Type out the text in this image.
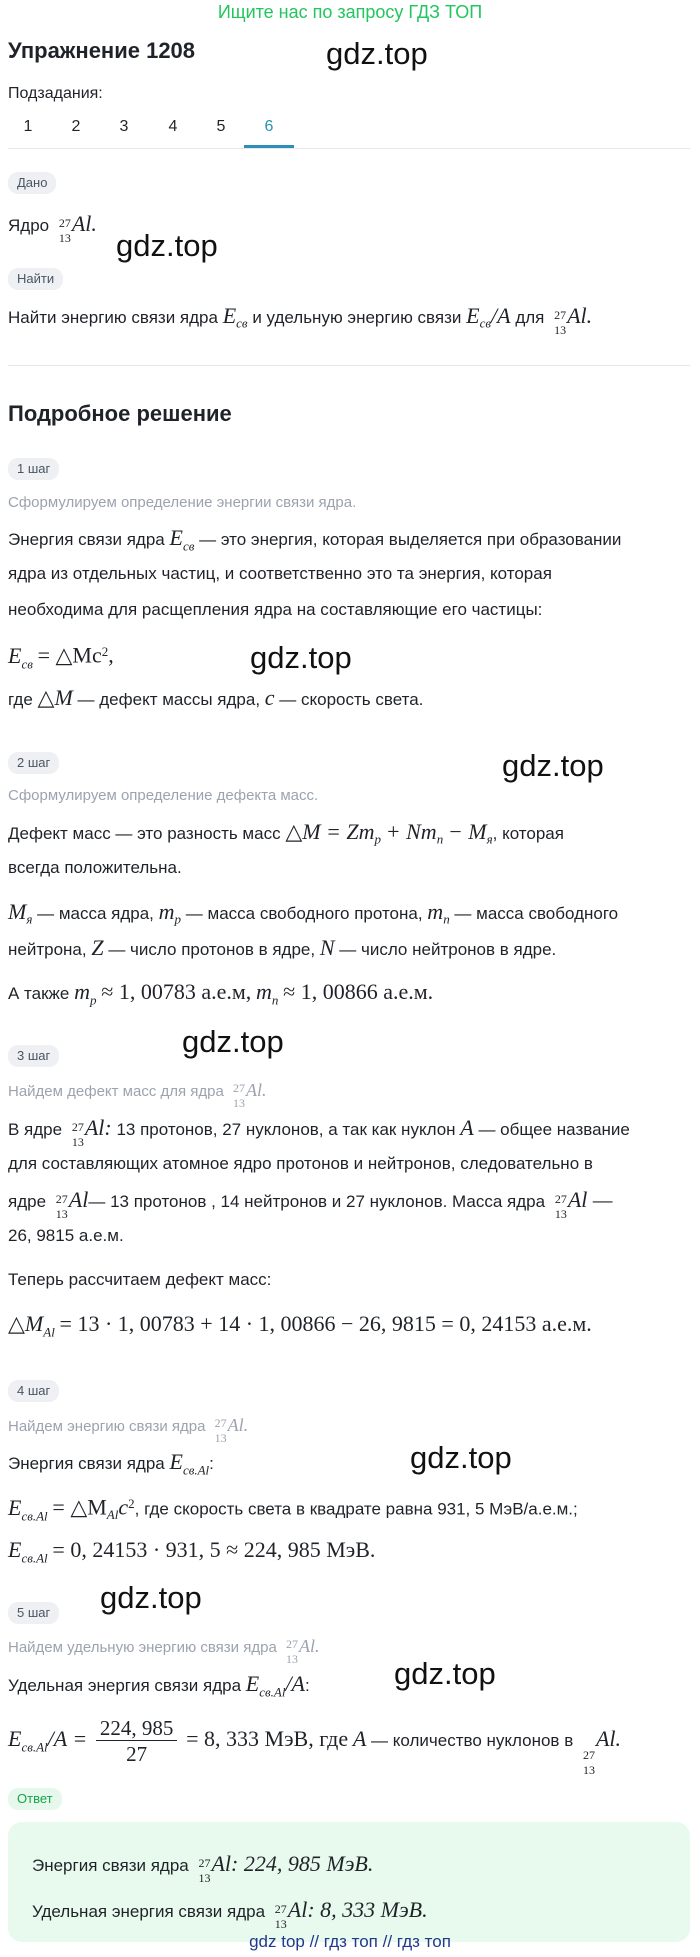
Ищите нас по запросу ГДЗ ТОП
Упражнение 1208
Подзадания:
1	2	3	4	5	6
gdz.top
gdz.top
gdz.top
gdz.top
gdz.top
gdz.top
gdz.top
gdz.top
Дано
Ядро 27
13
Al.
Найти
Найти энергию связи ядра $E_{св}$ и удельную энергию связи $E_{св}/A$ для 27
13
Al.
Подробное решение
1 шаг
Сформулируем определение энергии связи ядра.
Энергия связи ядра $E_{св}$ — это энергия, которая выделяется при образовании
ядра из отдельных частиц, и соответственно это та энергия, которая
необходима для расщепления ядра на составляющие его частицы:
$E_{св}$ = $\triangle Mc^2$,
где △M — дефект массы ядра, c — скорость света.
2 шаг
Сформулируем определение дефекта масс.
Дефект масс — это разность масс △M = $Zm_p + Nm_n - M_я$, которая
всегда положительна.
$M_я$ — масса ядра, $m_p$ — масса свободного протона, $m_n$ — масса свободного
нейтрона, Z — число протонов в ядре, N — число нейтронов в ядре.
А также $m_p \approx 1$, 00783 а.е.м, $m_n \approx 1$, 00866 а.е.м.
3 шаг
Найдем дефект масс для ядра 27
13
Al.
В ядре 27
13
Al: 13 протонов, 27 нуклонов, а так как нуклон A — общее название
для составляющих атомное ядро протонов и нейтронов, следовательно в
ядре 27
13
Al— 13 протонов , 14 нейтронов и 27 нуклонов. Масса ядра 27
13
Al —
26, 9815 а.е.м.
Теперь рассчитаем дефект масс:
$\triangle M_{Al} = 13 \cdot 1$, 00783 + 14 · 1, 00866 − 26, 9815 = 0, 24153 а.е.м.
4 шаг
Найдем энергию связи ядра 27
13
Al.
Энергия связи ядра $E_{св.Al}$:
$E_{св.Al}$ = $\triangle M_{Al}c^2$, где скорость света в квадрате равна 931, 5 МэВ/а.е.м.;
$E_{св.Al} = 0$, 24153 · 931, 5 ≈ 224, 985 МэВ.
5 шаг
Найдем удельную энергию связи ядра 27
13
Al.
Удельная энергия связи ядра $E_{св.Al}/A$:
$E_{св.Al}/A = \frac{224, 985}{27} = 8$, 333 МэВ, где A — количество нуклонов в
27
13
Al.
Ответ
Энергия связи ядра 27
13
Al: 224, 985 МэВ.
Удельная энергия связи ядра 27
13
Al: 8, 333 МэВ.
gdz top // гдз топ // гдз топ
